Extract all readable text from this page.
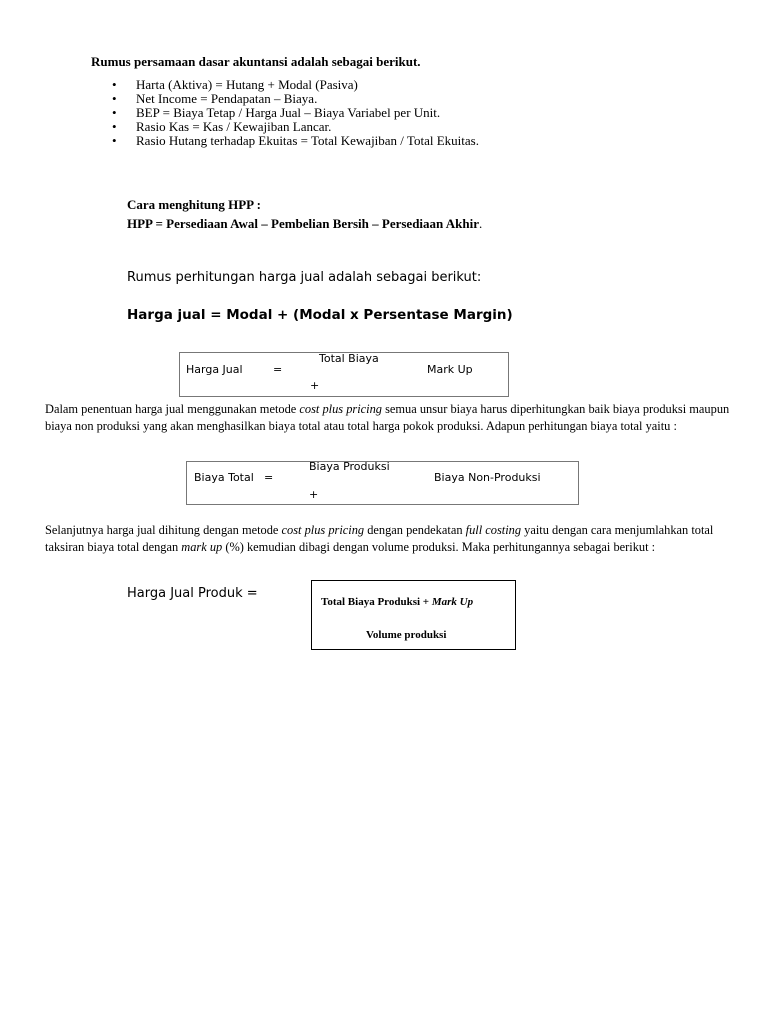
Rumus persamaan dasar akuntansi adalah sebagai berikut.
• Harta (Aktiva) = Hutang + Modal (Pasiva)
• Net Income = Pendapatan – Biaya.
• BEP = Biaya Tetap / Harga Jual – Biaya Variabel per Unit.
• Rasio Kas = Kas / Kewajiban Lancar.
• Rasio Hutang terhadap Ekuitas = Total Kewajiban / Total Ekuitas.
Cara menghitung HPP :
HPP = Persediaan Awal – Pembelian Bersih – Persediaan Akhir.
Rumus perhitungan harga jual adalah sebagai berikut:
Harga jual = Modal + (Modal x Persentase Margin)
Harga Jual	=
Total Biaya
+
Mark Up
Dalam penentuan harga jual menggunakan metode cost plus pricing semua unsur biaya harus diperhitungkan baik biaya produksi maupun biaya non produksi yang akan menghasilkan biaya total atau total harga pokok produksi. Adapun perhitungan biaya total yaitu :
Biaya Total =
Biaya Produksi
+
Biaya Non-Produksi
Selanjutnya harga jual dihitung dengan metode cost plus pricing dengan pendekatan full costing yaitu dengan cara menjumlahkan total taksiran biaya total dengan mark up (%) kemudian dibagi dengan volume produksi. Maka perhitungannya sebagai berikut :
Harga Jual Produk =
Total Biaya Produksi + Mark Up
Volume produksi
